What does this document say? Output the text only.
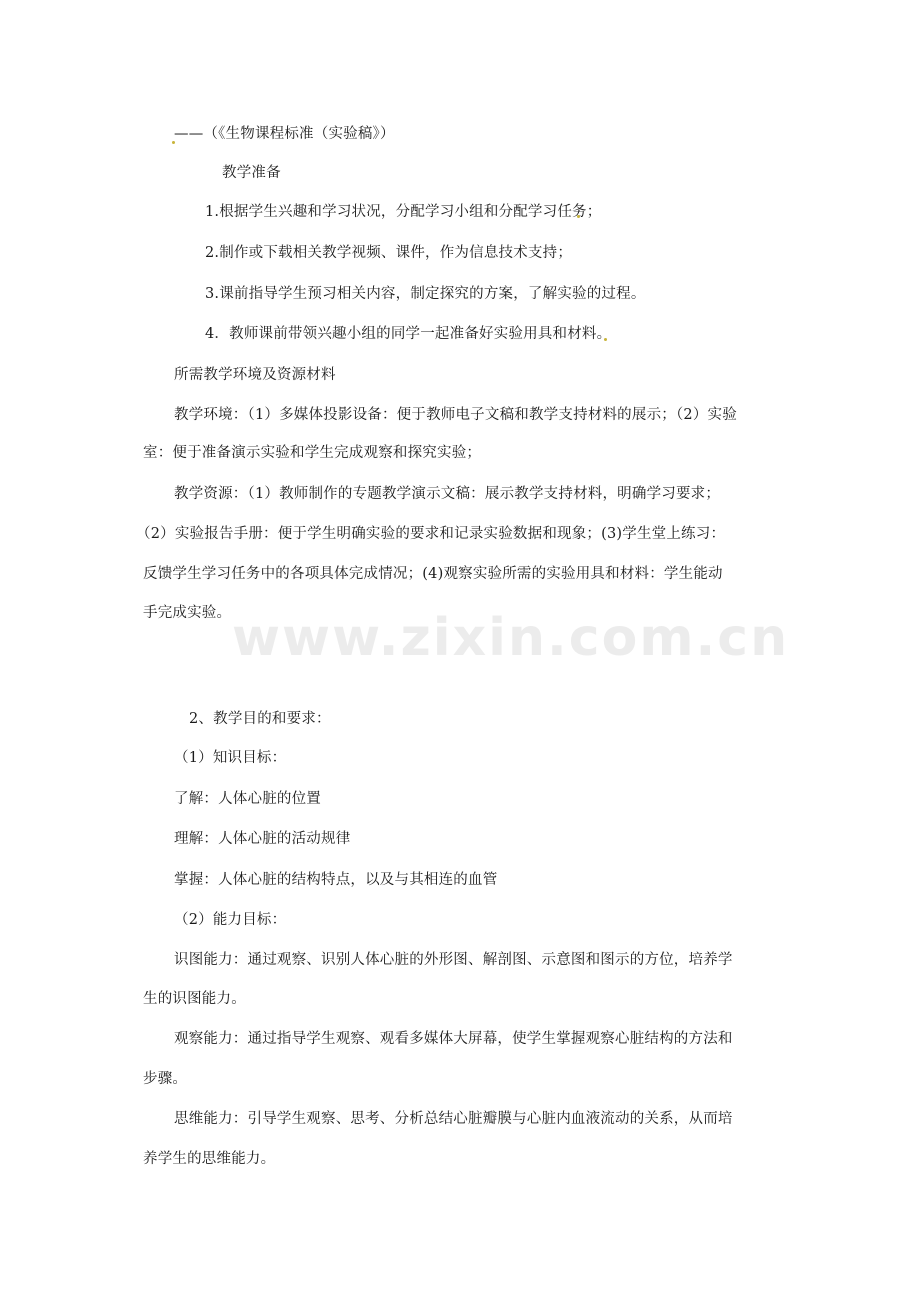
www.zixin.com.cn
——（《生物课程标准（实验稿》）
教学准备
1.根据学生兴趣和学习状况，分配学习小组和分配学习任务；
2.制作或下载相关教学视频、课件，作为信息技术支持；
3.课前指导学生预习相关内容，制定探究的方案，了解实验的过程。
4．教师课前带领兴趣小组的同学一起准备好实验用具和材料。
所需教学环境及资源材料
教学环境：（1）多媒体投影设备：便于教师电子文稿和教学支持材料的展示；（2）实验
室：便于准备演示实验和学生完成观察和探究实验；
教学资源：（1）教师制作的专题教学演示文稿：展示教学支持材料，明确学习要求；
（2）实验报告手册：便于学生明确实验的要求和记录实验数据和现象；(3)学生堂上练习：
反馈学生学习任务中的各项具体完成情况；(4)观察实验所需的实验用具和材料：学生能动
手完成实验。
2、教学目的和要求：
（1）知识目标：
了解：人体心脏的位置
理解：人体心脏的活动规律
掌握：人体心脏的结构特点，以及与其相连的血管
（2）能力目标：
识图能力：通过观察、识别人体心脏的外形图、解剖图、示意图和图示的方位，培养学
生的识图能力。
观察能力：通过指导学生观察、观看多媒体大屏幕，使学生掌握观察心脏结构的方法和
步骤。
思维能力：引导学生观察、思考、分析总结心脏瓣膜与心脏内血液流动的关系，从而培
养学生的思维能力。
